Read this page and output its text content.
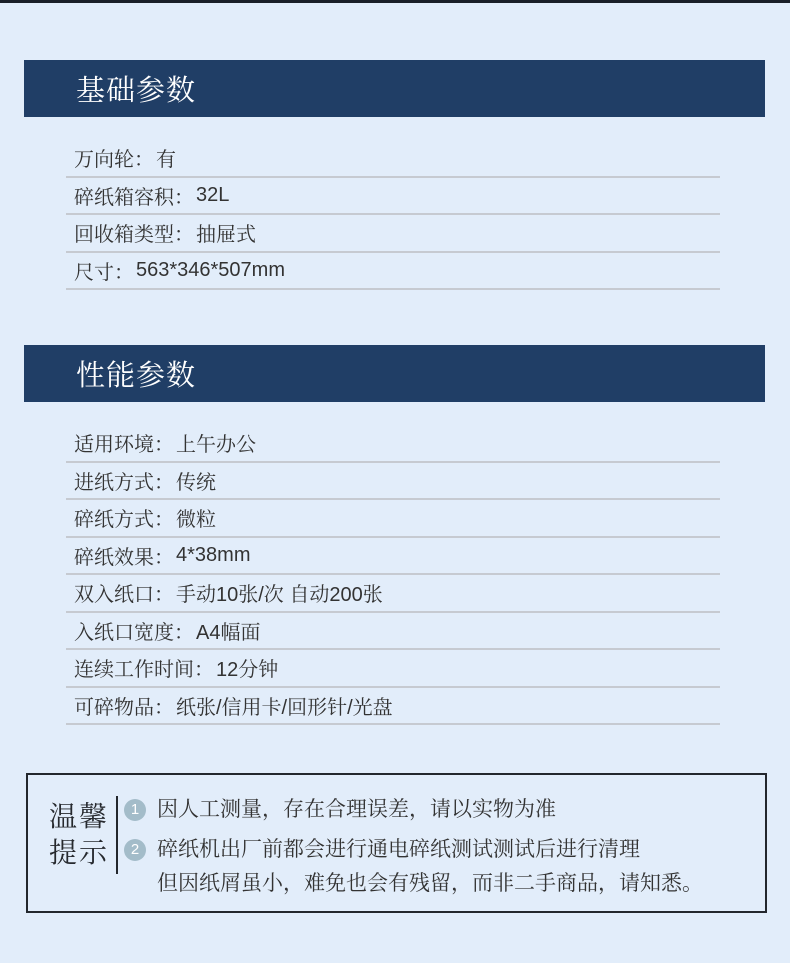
基础参数
万向轮： 有
碎纸箱容积： 32L
回收箱类型： 抽屉式
尺寸： 563*346*507mm
性能参数
适用环境： 上午办公
进纸方式： 传统
碎纸方式： 微粒
碎纸效果： 4*38mm
双入纸口： 手动10张/次 自动200张
入纸口宽度： A4幅面
连续工作时间： 12分钟
可碎物品： 纸张/信用卡/回形针/光盘
温馨
提示
1 因人工测量，存在合理误差，请以实物为准
2 碎纸机出厂前都会进行通电碎纸测试测试后进行清理
但因纸屑虽小，难免也会有残留，而非二手商品，请知悉。
